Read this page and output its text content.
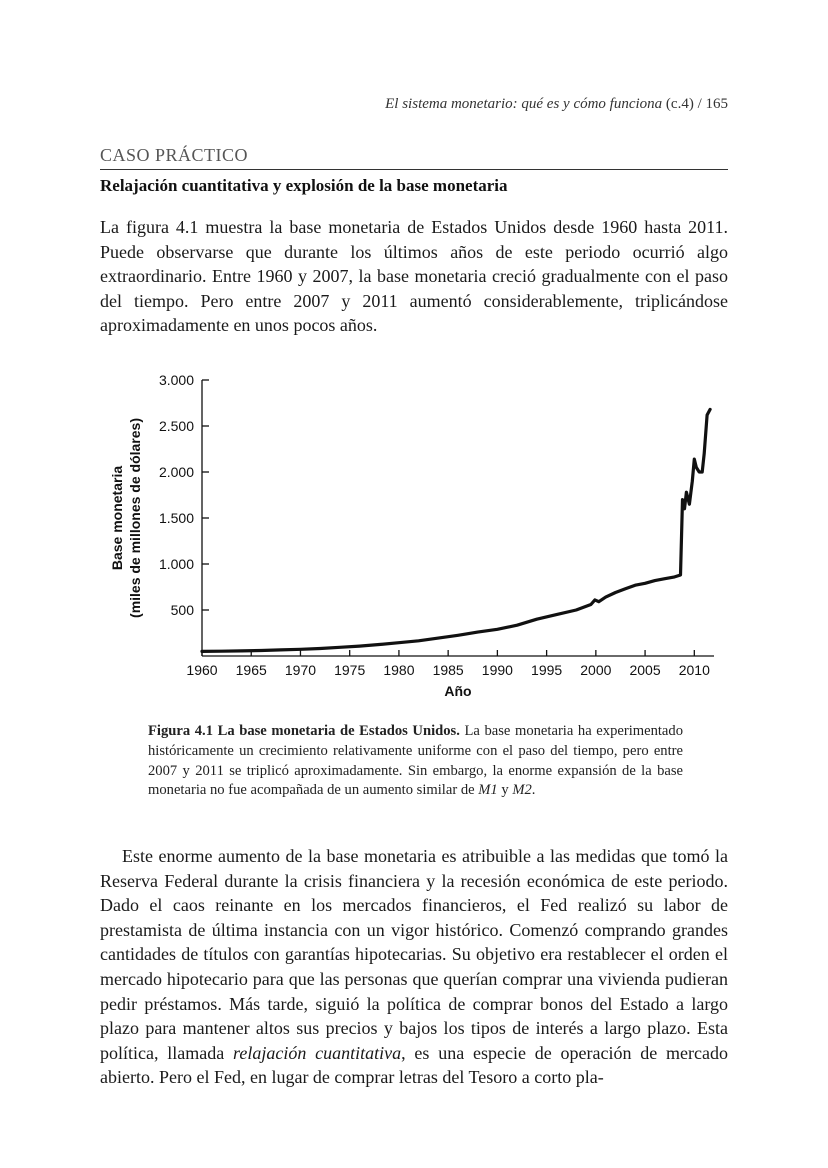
El sistema monetario: qué es y cómo funciona (c.4) / 165
CASO PRÁCTICO
Relajación cuantitativa y explosión de la base monetaria

La figura 4.1 muestra la base monetaria de Estados Unidos desde 1960 hasta 2011. Puede observarse que durante los últimos años de este periodo ocurrió algo extraordinario. Entre 1960 y 2007, la base monetaria creció gradualmente con el paso del tiempo. Pero entre 2007 y 2011 aumentó considerablemente, triplicándose aproximadamente en unos pocos años.

500
1.000
1.500
2.000
2.500
3.000
1960 1965 1970 1975 1980 1985 1990 1995 2000 2005 2010
Año
Base monetaria (miles de millones de dólares)

Figura 4.1 La base monetaria de Estados Unidos. La base monetaria ha experimentado históricamente un crecimiento relativamente uniforme con el paso del tiempo, pero entre 2007 y 2011 se triplicó aproximadamente. Sin embargo, la enorme expansión de la base monetaria no fue acompañada de un aumento similar de M1 y M2.

Este enorme aumento de la base monetaria es atribuible a las medidas que tomó la Reserva Federal durante la crisis financiera y la recesión económica de este periodo. Dado el caos reinante en los mercados financieros, el Fed realizó su labor de prestamista de última instancia con un vigor histórico. Comenzó comprando grandes cantidades de títulos con garantías hipotecarias. Su objetivo era restablecer el orden el mercado hipotecario para que las personas que querían comprar una vivienda pudieran pedir préstamos. Más tarde, siguió la política de comprar bonos del Estado a largo plazo para mantener altos sus precios y bajos los tipos de interés a largo plazo. Esta política, llamada relajación cuantitativa, es una especie de operación de mercado abierto. Pero el Fed, en lugar de comprar letras del Tesoro a corto pla-
